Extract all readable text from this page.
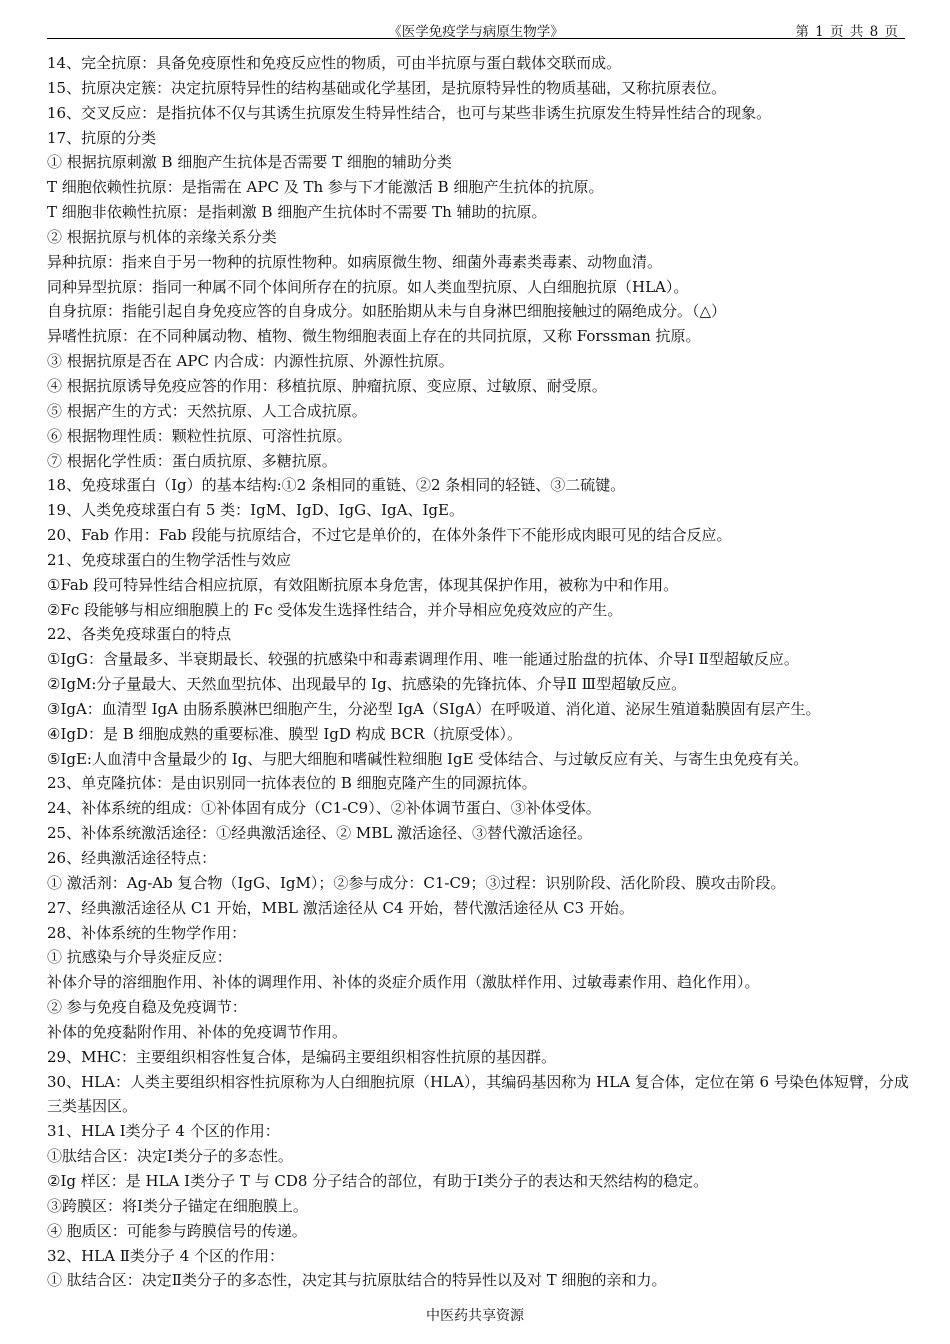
《医学免疫学与病原生物学》	第 1 页 共 8 页
14、完全抗原：具备免疫原性和免疫反应性的物质，可由半抗原与蛋白载体交联而成。
15、抗原决定簇：决定抗原特异性的结构基础或化学基团，是抗原特异性的物质基础，又称抗原表位。
16、交叉反应：是指抗体不仅与其诱生抗原发生特异性结合，也可与某些非诱生抗原发生特异性结合的现象。
17、抗原的分类
① 根据抗原刺激 B 细胞产生抗体是否需要 T 细胞的辅助分类
T 细胞依赖性抗原：是指需在 APC 及 Th 参与下才能激活 B 细胞产生抗体的抗原。
T 细胞非依赖性抗原：是指刺激 B 细胞产生抗体时不需要 Th 辅助的抗原。
② 根据抗原与机体的亲缘关系分类
异种抗原：指来自于另一物种的抗原性物种。如病原微生物、细菌外毒素类毒素、动物血清。
同种异型抗原：指同一种属不同个体间所存在的抗原。如人类血型抗原、人白细胞抗原（HLA）。
自身抗原：指能引起自身免疫应答的自身成分。如胚胎期从未与自身淋巴细胞接触过的隔绝成分。（△）
异嗜性抗原：在不同种属动物、植物、微生物细胞表面上存在的共同抗原，又称 Forssman 抗原。
③ 根据抗原是否在 APC 内合成：内源性抗原、外源性抗原。
④ 根据抗原诱导免疫应答的作用：移植抗原、肿瘤抗原、变应原、过敏原、耐受原。
⑤ 根据产生的方式：天然抗原、人工合成抗原。
⑥ 根据物理性质：颗粒性抗原、可溶性抗原。
⑦ 根据化学性质：蛋白质抗原、多糖抗原。
18、免疫球蛋白（Ig）的基本结构:①2 条相同的重链、②2 条相同的轻链、③二硫键。
19、人类免疫球蛋白有 5 类：IgM、IgD、IgG、IgA、IgE。
20、Fab 作用：Fab 段能与抗原结合，不过它是单价的，在体外条件下不能形成肉眼可见的结合反应。
21、免疫球蛋白的生物学活性与效应
①Fab 段可特异性结合相应抗原，有效阻断抗原本身危害，体现其保护作用，被称为中和作用。
②Fc 段能够与相应细胞膜上的 Fc 受体发生选择性结合，并介导相应免疫效应的产生。
22、各类免疫球蛋白的特点
①IgG：含量最多、半衰期最长、较强的抗感染中和毒素调理作用、唯一能通过胎盘的抗体、介导Ⅰ Ⅱ型超敏反应。
②IgM:分子量最大、天然血型抗体、出现最早的 Ig、抗感染的先锋抗体、介导Ⅱ Ⅲ型超敏反应。
③IgA：血清型 IgA 由肠系膜淋巴细胞产生，分泌型 IgA（SIgA）在呼吸道、消化道、泌尿生殖道黏膜固有层产生。
④IgD：是 B 细胞成熟的重要标准、膜型 IgD 构成 BCR（抗原受体）。
⑤IgE:人血清中含量最少的 Ig、与肥大细胞和嗜碱性粒细胞 IgE 受体结合、与过敏反应有关、与寄生虫免疫有关。
23、单克隆抗体：是由识别同一抗体表位的 B 细胞克隆产生的同源抗体。
24、补体系统的组成：①补体固有成分（C1-C9）、②补体调节蛋白、③补体受体。
25、补体系统激活途径：①经典激活途径、② MBL 激活途径、③替代激活途径。
26、经典激活途径特点：
① 激活剂：Ag-Ab 复合物（IgG、IgM）；②参与成分：C1-C9；③过程：识别阶段、活化阶段、膜攻击阶段。
27、经典激活途径从 C1 开始，MBL 激活途径从 C4 开始，替代激活途径从 C3 开始。
28、补体系统的生物学作用：
① 抗感染与介导炎症反应：
补体介导的溶细胞作用、补体的调理作用、补体的炎症介质作用（激肽样作用、过敏毒素作用、趋化作用）。
② 参与免疫自稳及免疫调节：
补体的免疫黏附作用、补体的免疫调节作用。
29、MHC：主要组织相容性复合体，是编码主要组织相容性抗原的基因群。
30、HLA：人类主要组织相容性抗原称为人白细胞抗原（HLA），其编码基因称为 HLA 复合体，定位在第 6 号染色体短臂，分成三类基因区。
31、HLA Ⅰ类分子 4 个区的作用：
①肽结合区：决定Ⅰ类分子的多态性。
②Ig 样区：是 HLA Ⅰ类分子 T 与 CD8 分子结合的部位，有助于Ⅰ类分子的表达和天然结构的稳定。
③跨膜区：将Ⅰ类分子锚定在细胞膜上。
④ 胞质区：可能参与跨膜信号的传递。
32、HLA Ⅱ类分子 4 个区的作用：
① 肽结合区：决定Ⅱ类分子的多态性，决定其与抗原肽结合的特异性以及对 T 细胞的亲和力。
中医药共享资源
